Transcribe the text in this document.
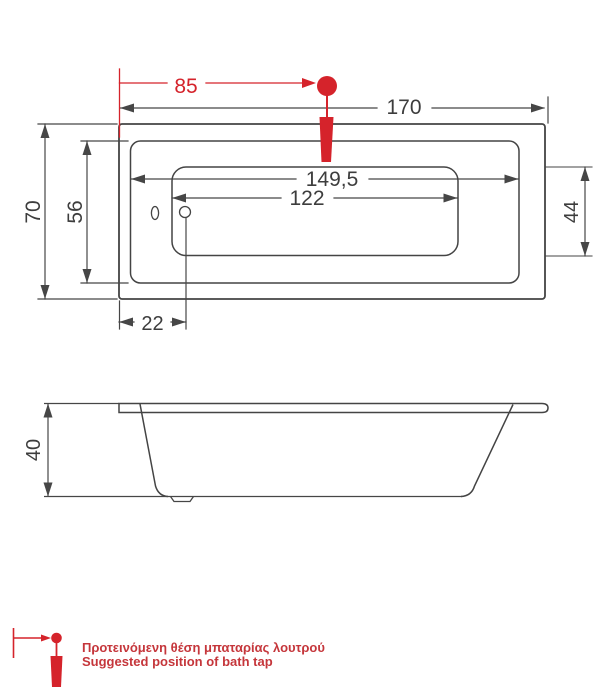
170
85
70 56
149,5
122
44
22
40
Προτεινόμενη θέση μπαταρίας λουτρού
Suggested position of bath tap
